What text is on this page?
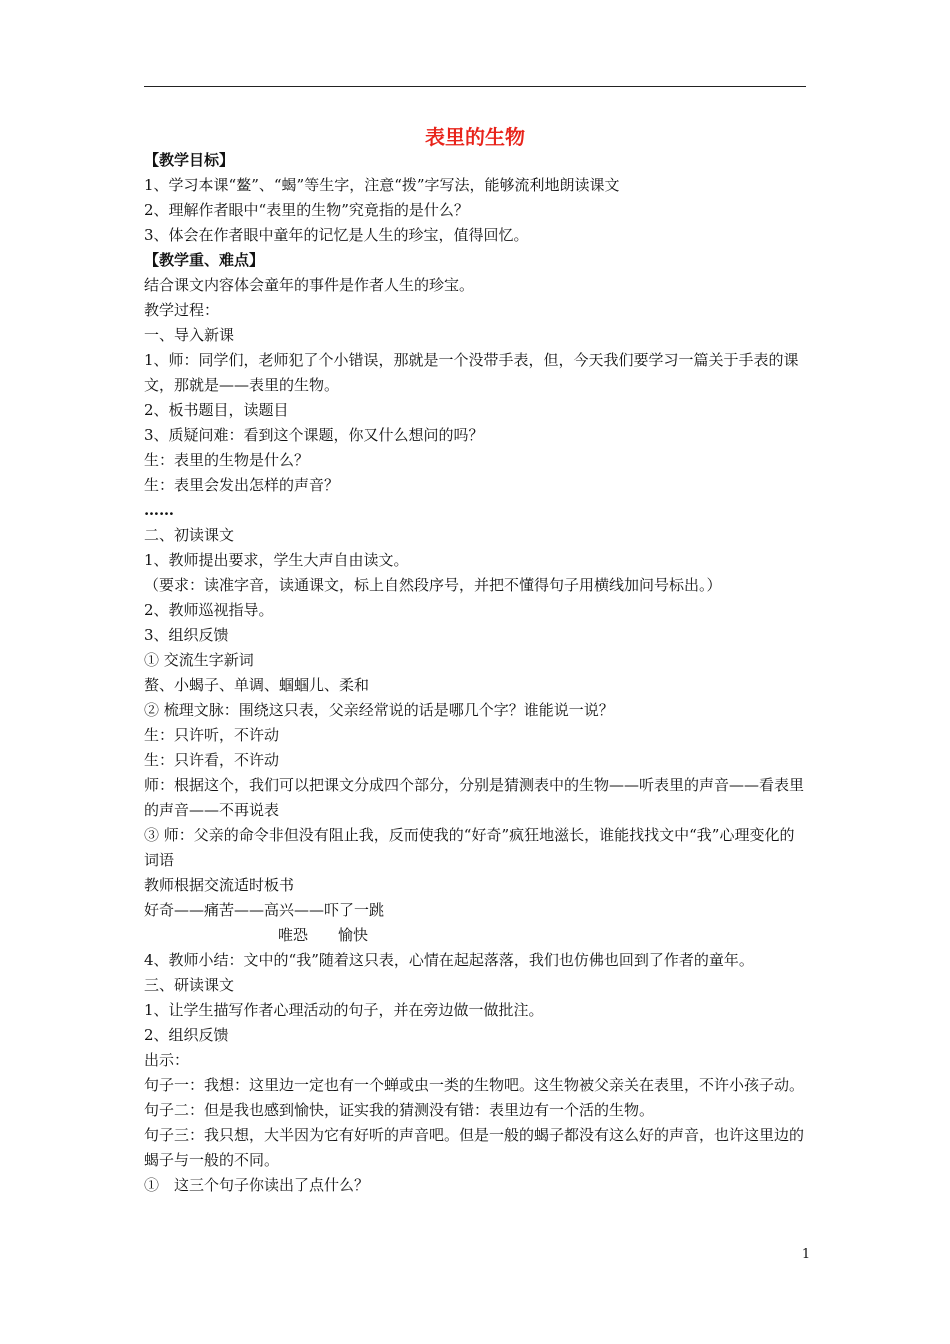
表里的生物
【教学目标】
1、学习本课“鳌”、“蝎”等生字，注意“拨”字写法，能够流利地朗读课文
2、理解作者眼中“表里的生物”究竟指的是什么？
3、体会在作者眼中童年的记忆是人生的珍宝，值得回忆。
【教学重、难点】
结合课文内容体会童年的事件是作者人生的珍宝。
教学过程：
一、导入新课
1、师：同学们，老师犯了个小错误，那就是一个没带手表，但，今天我们要学习一篇关于手表的课文，那就是——表里的生物。
2、板书题目，读题目
3、质疑问难：看到这个课题，你又什么想问的吗？
生：表里的生物是什么？
生：表里会发出怎样的声音？
……
二、初读课文
1、教师提出要求，学生大声自由读文。
（要求：读准字音，读通课文，标上自然段序号，并把不懂得句子用横线加问号标出。）
2、教师巡视指导。
3、组织反馈
① 交流生字新词
螯、小蝎子、单调、蝈蝈儿、柔和
② 梳理文脉：围绕这只表，父亲经常说的话是哪几个字？谁能说一说？
生：只许听，不许动
生：只许看，不许动
师：根据这个，我们可以把课文分成四个部分，分别是猜测表中的生物——听表里的声音——看表里的声音——不再说表
③ 师：父亲的命令非但没有阻止我，反而使我的“好奇”疯狂地滋长，谁能找找文中“我”心理变化的词语
教师根据交流适时板书
好奇——痛苦——高兴——吓了一跳
唯恐 愉快
4、教师小结：文中的“我”随着这只表，心情在起起落落，我们也仿佛也回到了作者的童年。
三、研读课文
1、让学生描写作者心理活动的句子，并在旁边做一做批注。
2、组织反馈
出示：
句子一：我想：这里边一定也有一个蝉或虫一类的生物吧。这生物被父亲关在表里，不许小孩子动。
句子二：但是我也感到愉快，证实我的猜测没有错：表里边有一个活的生物。
句子三：我只想，大半因为它有好听的声音吧。但是一般的蝎子都没有这么好的声音，也许这里边的蝎子与一般的不同。
①　这三个句子你读出了点什么？
1
